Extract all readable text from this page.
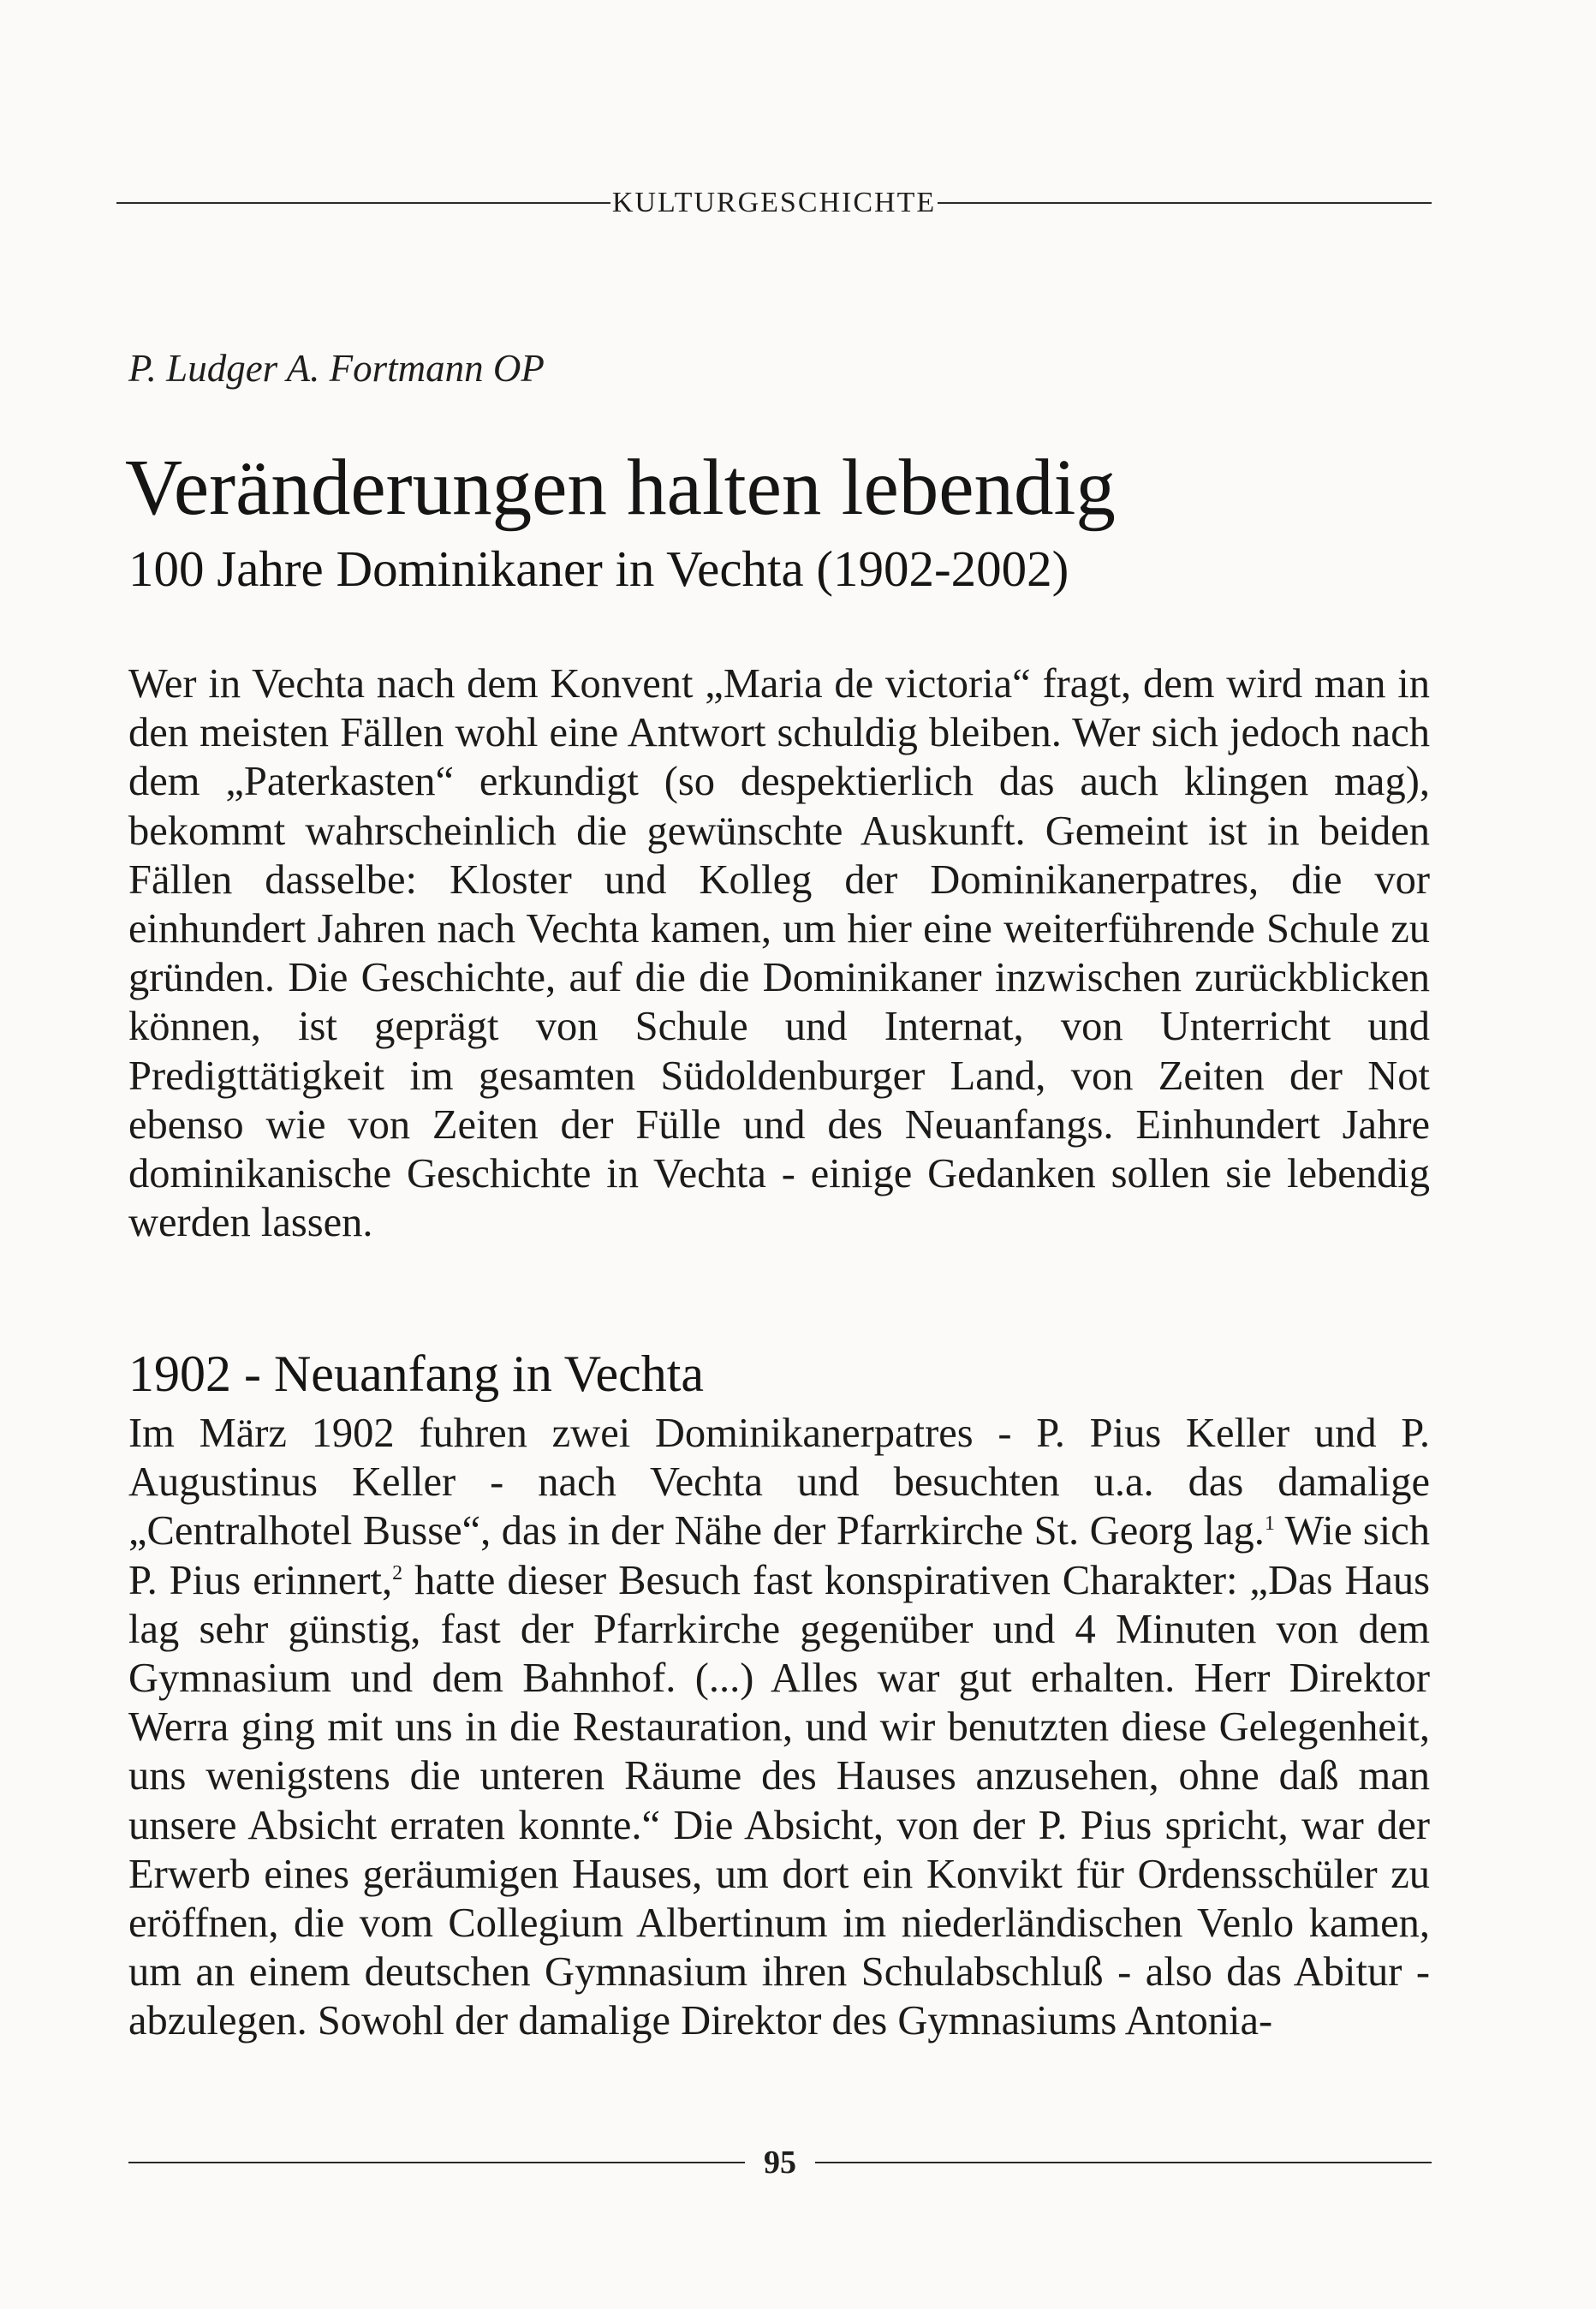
KULTURGESCHICHTE
P. Ludger A. Fortmann OP
Veränderungen halten lebendig
100 Jahre Dominikaner in Vechta (1902-2002)

Wer in Vechta nach dem Konvent „Maria de victoria“ fragt, dem wird man in den meisten Fällen wohl eine Antwort schuldig bleiben. Wer sich jedoch nach dem „Paterkasten“ erkundigt (so despektierlich das auch klingen mag), bekommt wahrscheinlich die gewünschte Auskunft. Gemeint ist in beiden Fällen dasselbe: Kloster und Kolleg der Dominikanerpatres, die vor einhundert Jahren nach Vechta kamen, um hier eine weiterführende Schule zu gründen. Die Geschichte, auf die die Dominikaner inzwischen zurückblicken können, ist geprägt von Schule und Internat, von Unterricht und Predigttätigkeit im gesamten Südoldenburger Land, von Zeiten der Not ebenso wie von Zeiten der Fülle und des Neuanfangs. Einhundert Jahre dominikanische Geschichte in Vechta - einige Gedanken sollen sie lebendig werden lassen.

1902 - Neuanfang in Vechta

Im März 1902 fuhren zwei Dominikanerpatres - P. Pius Keller und P. Augustinus Keller - nach Vechta und besuchten u.a. das damalige „Centralhotel Busse“, das in der Nähe der Pfarrkirche St. Georg lag.$^1$ Wie sich P. Pius erinnert,$^2$ hatte dieser Besuch fast konspirativen Charakter: „Das Haus lag sehr günstig, fast der Pfarrkirche gegenüber und 4 Minuten von dem Gymnasium und dem Bahnhof. (...) Alles war gut erhalten. Herr Direktor Werra ging mit uns in die Restauration, und wir benutzten diese Gelegenheit, uns wenigstens die unteren Räume des Hauses anzusehen, ohne daß man unsere Absicht erraten konnte.“ Die Absicht, von der P. Pius spricht, war der Erwerb eines geräumigen Hauses, um dort ein Konvikt für Ordensschüler zu eröffnen, die vom Collegium Albertinum im niederländischen Venlo kamen, um an einem deutschen Gymnasium ihren Schulabschluß - also das Abitur - abzulegen. Sowohl der damalige Direktor des Gymnasiums Antonia-

95
